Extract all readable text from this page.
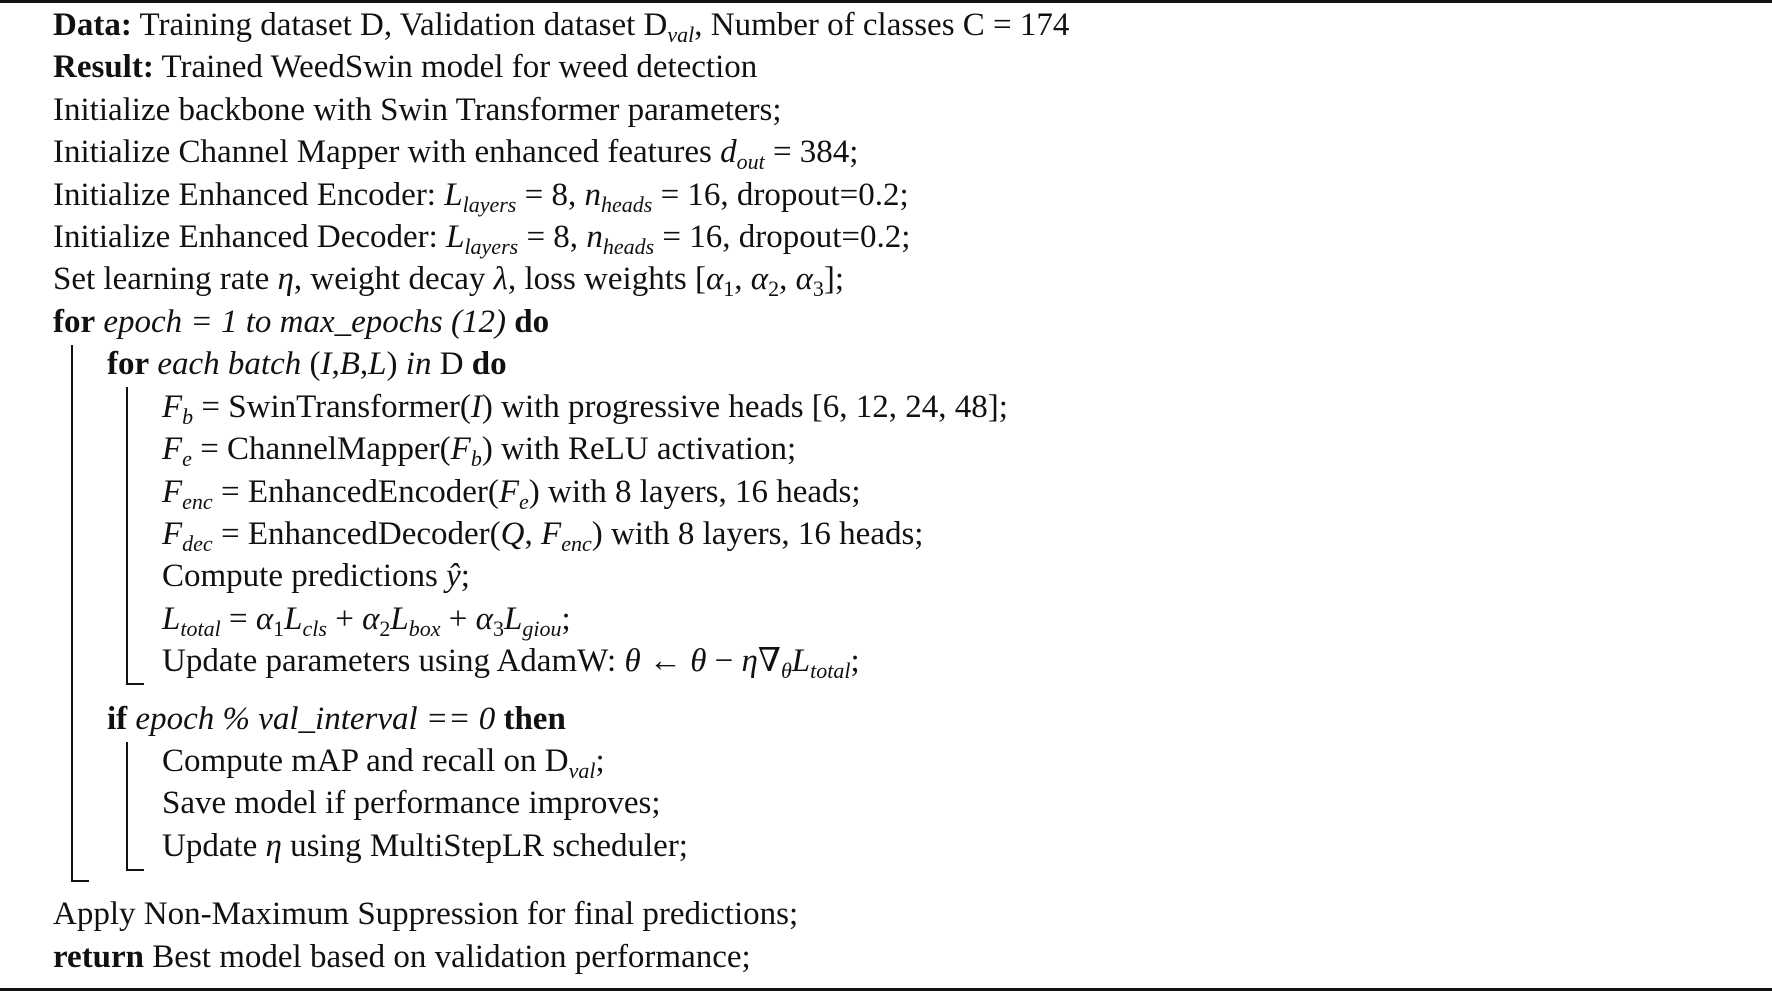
Data: Training dataset D, Validation dataset $D_{val}$, Number of classes C = 174
Result: Trained WeedSwin model for weed detection
Initialize backbone with Swin Transformer parameters;
Initialize Channel Mapper with enhanced features $d_{out} = 384$;
Initialize Enhanced Encoder: $L_{layers} = 8$, $n_{heads} = 16$, dropout=0.2;
Initialize Enhanced Decoder: $L_{layers} = 8$, $n_{heads} = 16$, dropout=0.2;
Set learning rate η, weight decay λ, loss weights [$\alpha_1$, $\alpha_2$, $\alpha_3$];
for epoch = 1 to max_epochs (12) do
for each batch (I,B,L) in D do
$F_b$ = SwinTransformer(I) with progressive heads [6, 12, 24, 48];
$F_e$ = $ChannelMapper(F_b)$ with ReLU activation;
$F_{enc}$ = $EnhancedEncoder(F_e)$ with 8 layers, 16 heads;
$F_{dec}$ = EnhancedDecoder(Q, $F_{enc}$) with 8 layers, 16 heads;
Compute predictions ŷ;
$L_{total} = \alpha_1L_{cls} + \alpha_2L_{box} + \alpha_3L_{giou}$;
Update parameters using AdamW: θ ← $\theta - \eta\nabla_\theta L_{total}$;
if epoch % val_interval == 0 then
Compute mAP and recall on $D_{val}$;
Save model if performance improves;
Update η using MultiStepLR scheduler;
Apply Non-Maximum Suppression for final predictions;
return Best model based on validation performance;
